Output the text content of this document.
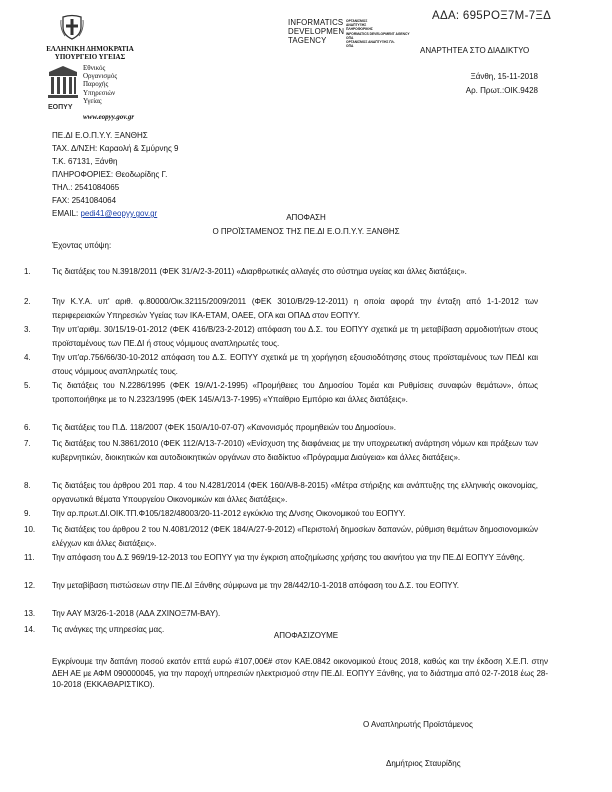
ΑΔΑ: 695ΡΟΞ7Μ-7ΞΔ
ΕΛΛΗΝΙΚΗ ΔΗΜΟΚΡΑΤΙΑ
ΥΠΟΥΡΓΕΙΟ ΥΓΕΙΑΣ
ΕΟΠΥΥ
Εθνικός
Οργανισμός
Παροχής
Υπηρεσιών
Υγείας
www.eopyy.gov.gr
INFORMATICS
DEVELOPMEN
TAGENCY
ΟΡΓΑΝΙΣΜΟΣ
ΑΝΑΠΤΥΞΗΣ
ΠΛΗΡΟΦΟΡΙΚΗΣ
INFORMATICS DEVELOPMENT AGENCY
ΟΠΑ
ΟΡΓΑΝΙΣΜΟΣ ΑΝΑΠΤΥΞΗΣ ΠΛ.
ΟΠΑ	ΑΝΑΡΤΗΤΕΑ ΣΤΟ ΔΙΑΔΙΚΤΥΟ
Ξάνθη, 15-11-2018
Αρ. Πρωτ.:ΟΙΚ.9428
ΠΕ.ΔΙ Ε.Ο.Π.Υ.Υ. ΞΑΝΘΗΣ
ΤΑΧ. Δ/ΝΣΗ: Καραολή & Σμύρνης 9
Τ.Κ. 67131, Ξάνθη
ΠΛΗΡΟΦΟΡΙΕΣ: Θεοδωρίδης Γ.
ΤΗΛ.: 2541084065
FAX: 2541084064
EMAIL: pedi41@eopyy.gov.gr	ΑΠΟΦΑΣΗ
Ο ΠΡΟΪΣΤΑΜΕΝΟΣ ΤΗΣ ΠΕ.ΔΙ Ε.Ο.Π.Υ.Υ. ΞΑΝΘΗΣ
Έχοντας υπόψη:
1.	Τις διατάξεις του Ν.3918/2011 (ΦΕΚ 31/Α/2-3-2011) «Διαρθρωτικές αλλαγές στο σύστημα υγείας και άλλες διατάξεις».
2.	Την Κ.Υ.Α. υπ' αριθ. φ.80000/Οικ.32115/2009/2011 (ΦΕΚ 3010/Β/29-12-2011) η οποία αφορά την ένταξη από 1-1-2012 των περιφερειακών Υπηρεσιών Υγείας των ΙΚΑ-ΕΤΑΜ, ΟΑΕΕ, ΟΓΑ και ΟΠΑΔ στον ΕΟΠΥΥ.
3.	Την υπ'αριθμ. 30/15/19-01-2012 (ΦΕΚ 416/Β/23-2-2012) απόφαση του Δ.Σ. του ΕΟΠΥΥ σχετικά με τη μεταβίβαση αρμοδιοτήτων στους προϊσταμένους των ΠΕ.ΔΙ ή στους νόμιμους αναπληρωτές τους.
4.	Την υπ'αρ.756/66/30-10-2012 απόφαση του Δ.Σ. ΕΟΠΥΥ σχετικά με τη χορήγηση εξουσιοδότησης στους προϊσταμένους των ΠΕΔΙ και στους νόμιμους αναπληρωτές τους.
5.	Τις διατάξεις του Ν.2286/1995 (ΦΕΚ 19/Α/1-2-1995) «Προμήθειες του Δημοσίου Τομέα και Ρυθμίσεις συναφών θεμάτων», όπως τροποποιήθηκε με το Ν.2323/1995 (ΦΕΚ 145/Α/13-7-1995) «Υπαίθριο Εμπόριο και άλλες διατάξεις».
6.	Τις διατάξεις του Π.Δ. 118/2007 (ΦΕΚ 150/Α/10-07-07) «Κανονισμός προμηθειών του Δημοσίου».
7.	Τις διατάξεις του Ν.3861/2010 (ΦΕΚ 112/Α/13-7-2010) «Ενίσχυση της διαφάνειας με την υποχρεωτική ανάρτηση νόμων και πράξεων των κυβερνητικών, διοικητικών και αυτοδιοικητικών οργάνων στο διαδίκτυο «Πρόγραμμα Διαύγεια» και άλλες διατάξεις».
8.	Τις διατάξεις του άρθρου 201 παρ. 4 του Ν.4281/2014 (ΦΕΚ 160/Α/8-8-2015) «Μέτρα στήριξης και ανάπτυξης της ελληνικής οικονομίας, οργανωτικά θέματα Υπουργείου Οικονομικών και άλλες διατάξεις».
9.	Την αρ.πρωτ.ΔΙ.ΟΙΚ.ΤΠ.Φ105/182/48003/20-11-2012 εγκύκλιο της Δ/νσης Οικονομικού του ΕΟΠΥΥ.
10.	Τις διατάξεις του άρθρου 2 του Ν.4081/2012 (ΦΕΚ 184/Α/27-9-2012) «Περιστολή δημοσίων δαπανών, ρύθμιση θεμάτων δημοσιονομικών ελέγχων και άλλες διατάξεις».
11.	Την απόφαση του Δ.Σ 969/19-12-2013 του ΕΟΠΥΥ για την έγκριση αποζημίωσης χρήσης του ακινήτου για την ΠΕ.ΔΙ ΕΟΠΥΥ Ξάνθης.
12.	Την μεταβίβαση πιστώσεων στην ΠΕ.ΔΙ Ξάνθης σύμφωνα με την 28/442/10-1-2018 απόφαση του Δ.Σ. του ΕΟΠΥΥ.
13.	Την ΑΑΥ Μ3/26-1-2018 (ΑΔΑ ΖΧΙΝΟΞ7Μ-ΒΑΥ).
14.	Τις ανάγκες της υπηρεσίας μας.
ΑΠΟΦΑΣΙΖΟΥΜΕ
Εγκρίνουμε την δαπάνη ποσού εκατόν επτά ευρώ #107,00€# στον ΚΑΕ.0842 οικονομικού έτους 2018, καθώς και την έκδοση Χ.Ε.Π. στην ΔΕΗ ΑΕ με ΑΦΜ 090000045, για την παροχή υπηρεσιών ηλεκτρισμού στην ΠΕ.ΔΙ. ΕΟΠΥΥ Ξάνθης, για το διάστημα από 02-7-2018 έως 28-10-2018 (ΕΚΚΑΘΑΡΙΣΤΙΚΟ).
Ο Αναπληρωτής Προϊστάμενος
Δημήτριος Σταυρίδης
